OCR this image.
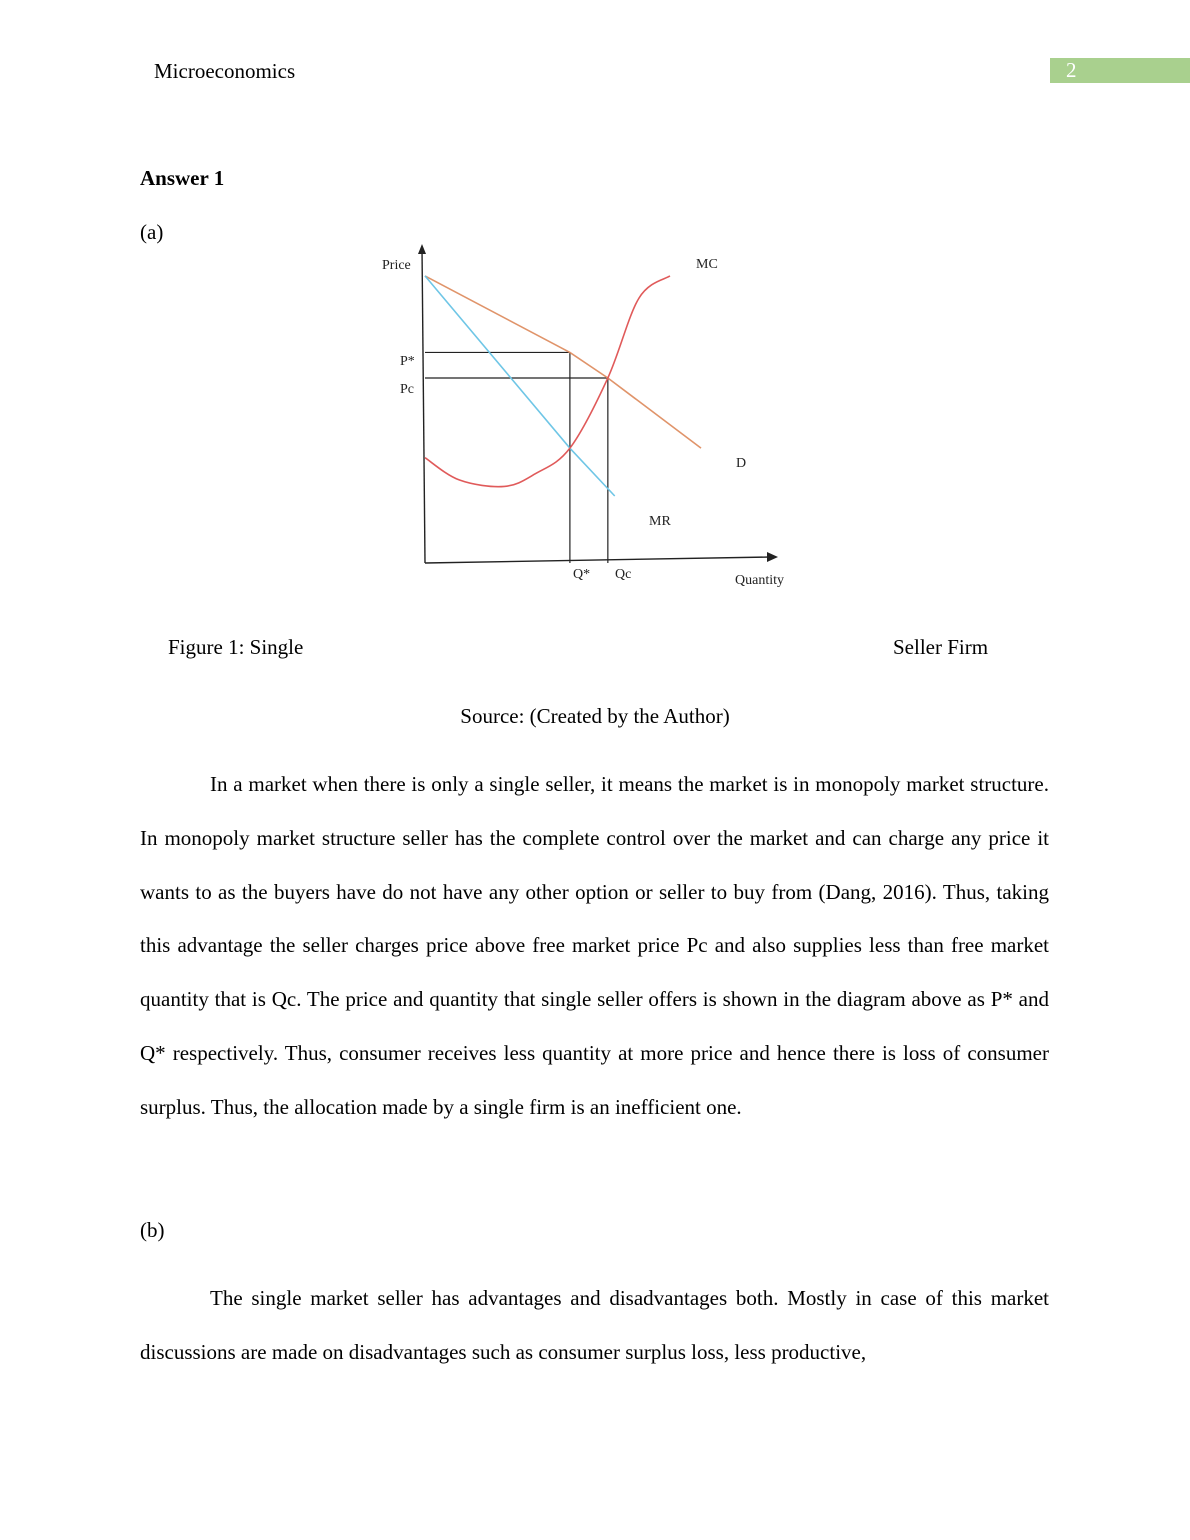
Microeconomics	2
Answer 1
(a)
Price
Quantity
P*
Pc
Q* Qc
MC
D
MR
Figure 1: Single	Seller Firm
Source: (Created by the Author)

In a market when there is only a single seller, it means the market is in monopoly market structure. In monopoly market structure seller has the complete control over the market and can charge any price it wants to as the buyers have do not have any other option or seller to buy from (Dang, 2016). Thus, taking this advantage the seller charges price above free market price Pc and also supplies less than free market quantity that is Qc. The price and quantity that single seller offers is shown in the diagram above as P* and Q* respectively. Thus, consumer receives less quantity at more price and hence there is loss of consumer surplus. Thus, the allocation made by a single firm is an inefficient one.

(b)

The single market seller has advantages and disadvantages both. Mostly in case of this market discussions are made on disadvantages such as consumer surplus loss, less productive,
